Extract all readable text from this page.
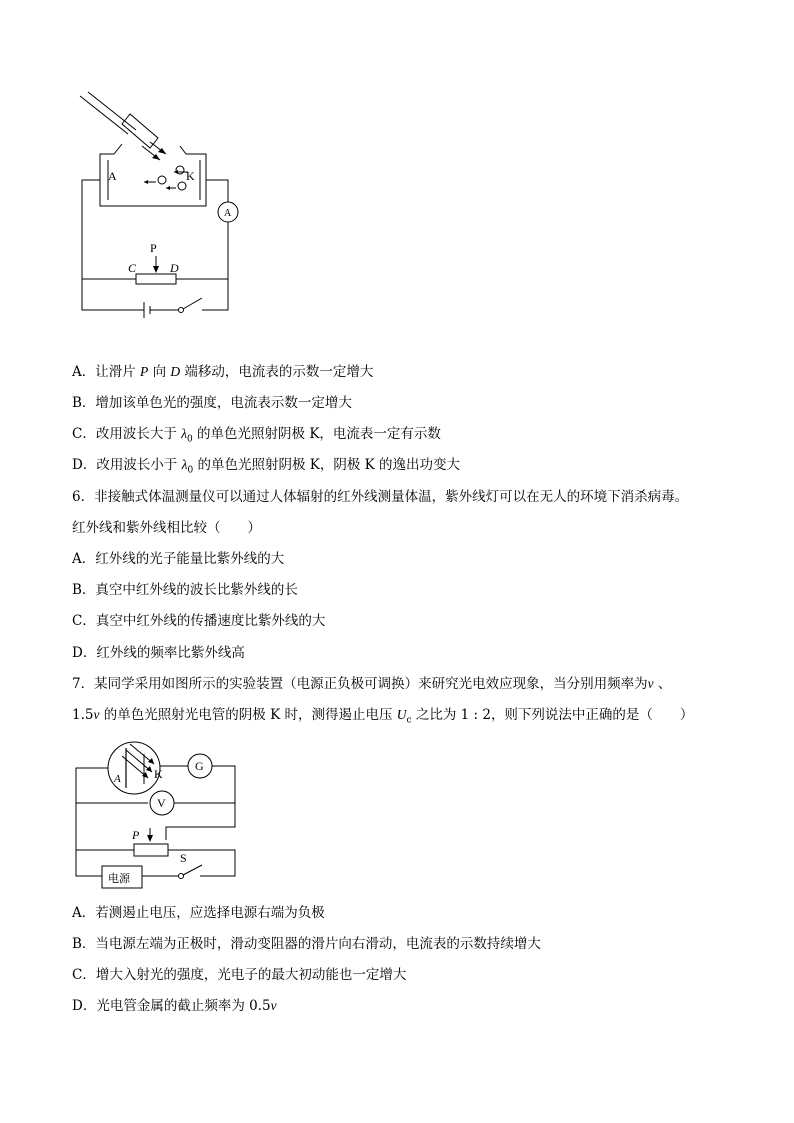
A	K
A
P
C	D
A．让滑片 P 向 D 端移动，电流表的示数一定增大
B．增加该单色光的强度，电流表示数一定增大
C．改用波长大于 $\lambda_0$ 的单色光照射阴极 K，电流表一定有示数
D．改用波长小于 $\lambda_0$ 的单色光照射阴极 K，阴极 K 的逸出功变大
6．非接触式体温测量仪可以通过人体辐射的红外线测量体温，紫外线灯可以在无人的环境下消杀病毒。
红外线和紫外线相比较（　　）
A．红外线的光子能量比紫外线的大
B．真空中红外线的波长比紫外线的长
C．真空中红外线的传播速度比紫外线的大
D．红外线的频率比紫外线高
7．某同学采用如图所示的实验装置（电源正负极可调换）来研究光电效应现象，当分别用频率为ν 、
1.5ν 的单色光照射光电管的阴极 K 时，测得遏止电压 $U_c$ 之比为 1 : 2，则下列说法中正确的是（　　）
A	K
G
V
P
S
电源
A．若测遏止电压，应选择电源右端为负极
B．当电源左端为正极时，滑动变阻器的滑片向右滑动，电流表的示数持续增大
C．增大入射光的强度，光电子的最大初动能也一定增大
D．光电管金属的截止频率为 0.5ν
